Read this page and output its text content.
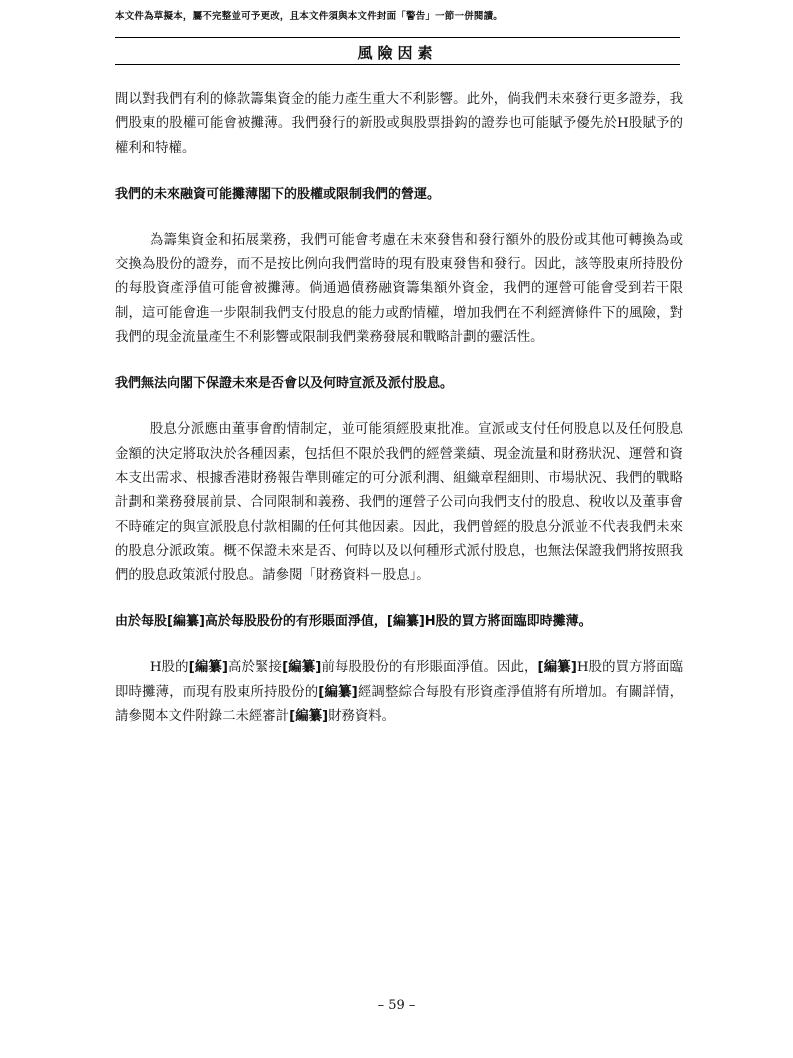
本文件為草擬本，屬不完整並可予更改，且本文件須與本文件封面「警告」一節一併閱讀。
風險因素

間以對我們有利的條款籌集資金的能力產生重大不利影響。此外，倘我們未來發行更多證券，我們股東的股權可能會被攤薄。我們發行的新股或與股票掛鈎的證券也可能賦予優先於H股賦予的權利和特權。

我們的未來融資可能攤薄閣下的股權或限制我們的營運。

為籌集資金和拓展業務，我們可能會考慮在未來發售和發行額外的股份或其他可轉換為或交換為股份的證券，而不是按比例向我們當時的現有股東發售和發行。因此，該等股東所持股份的每股資產淨值可能會被攤薄。倘通過債務融資籌集額外資金，我們的運營可能會受到若干限制，這可能會進一步限制我們支付股息的能力或酌情權，增加我們在不利經濟條件下的風險，對我們的現金流量產生不利影響或限制我們業務發展和戰略計劃的靈活性。

我們無法向閣下保證未來是否會以及何時宣派及派付股息。

股息分派應由董事會酌情制定，並可能須經股東批准。宣派或支付任何股息以及任何股息金額的決定將取決於各種因素，包括但不限於我們的經營業績、現金流量和財務狀況、運營和資本支出需求、根據香港財務報告準則確定的可分派利潤、組織章程細則、市場狀況、我們的戰略計劃和業務發展前景、合同限制和義務、我們的運營子公司向我們支付的股息、稅收以及董事會不時確定的與宣派股息付款相關的任何其他因素。因此，我們曾經的股息分派並不代表我們未來的股息分派政策。概不保證未來是否、何時以及以何種形式派付股息，也無法保證我們將按照我們的股息政策派付股息。請參閱「財務資料－股息」。

由於每股[編纂]高於每股股份的有形賬面淨值，[編纂]H股的買方將面臨即時攤薄。

H股的[編纂]高於緊接[編纂]前每股股份的有形賬面淨值。因此，[編纂]H股的買方將面臨即時攤薄，而現有股東所持股份的[編纂]經調整綜合每股有形資產淨值將有所增加。有關詳情，請參閱本文件附錄二未經審計[編纂]財務資料。

– 59 –
